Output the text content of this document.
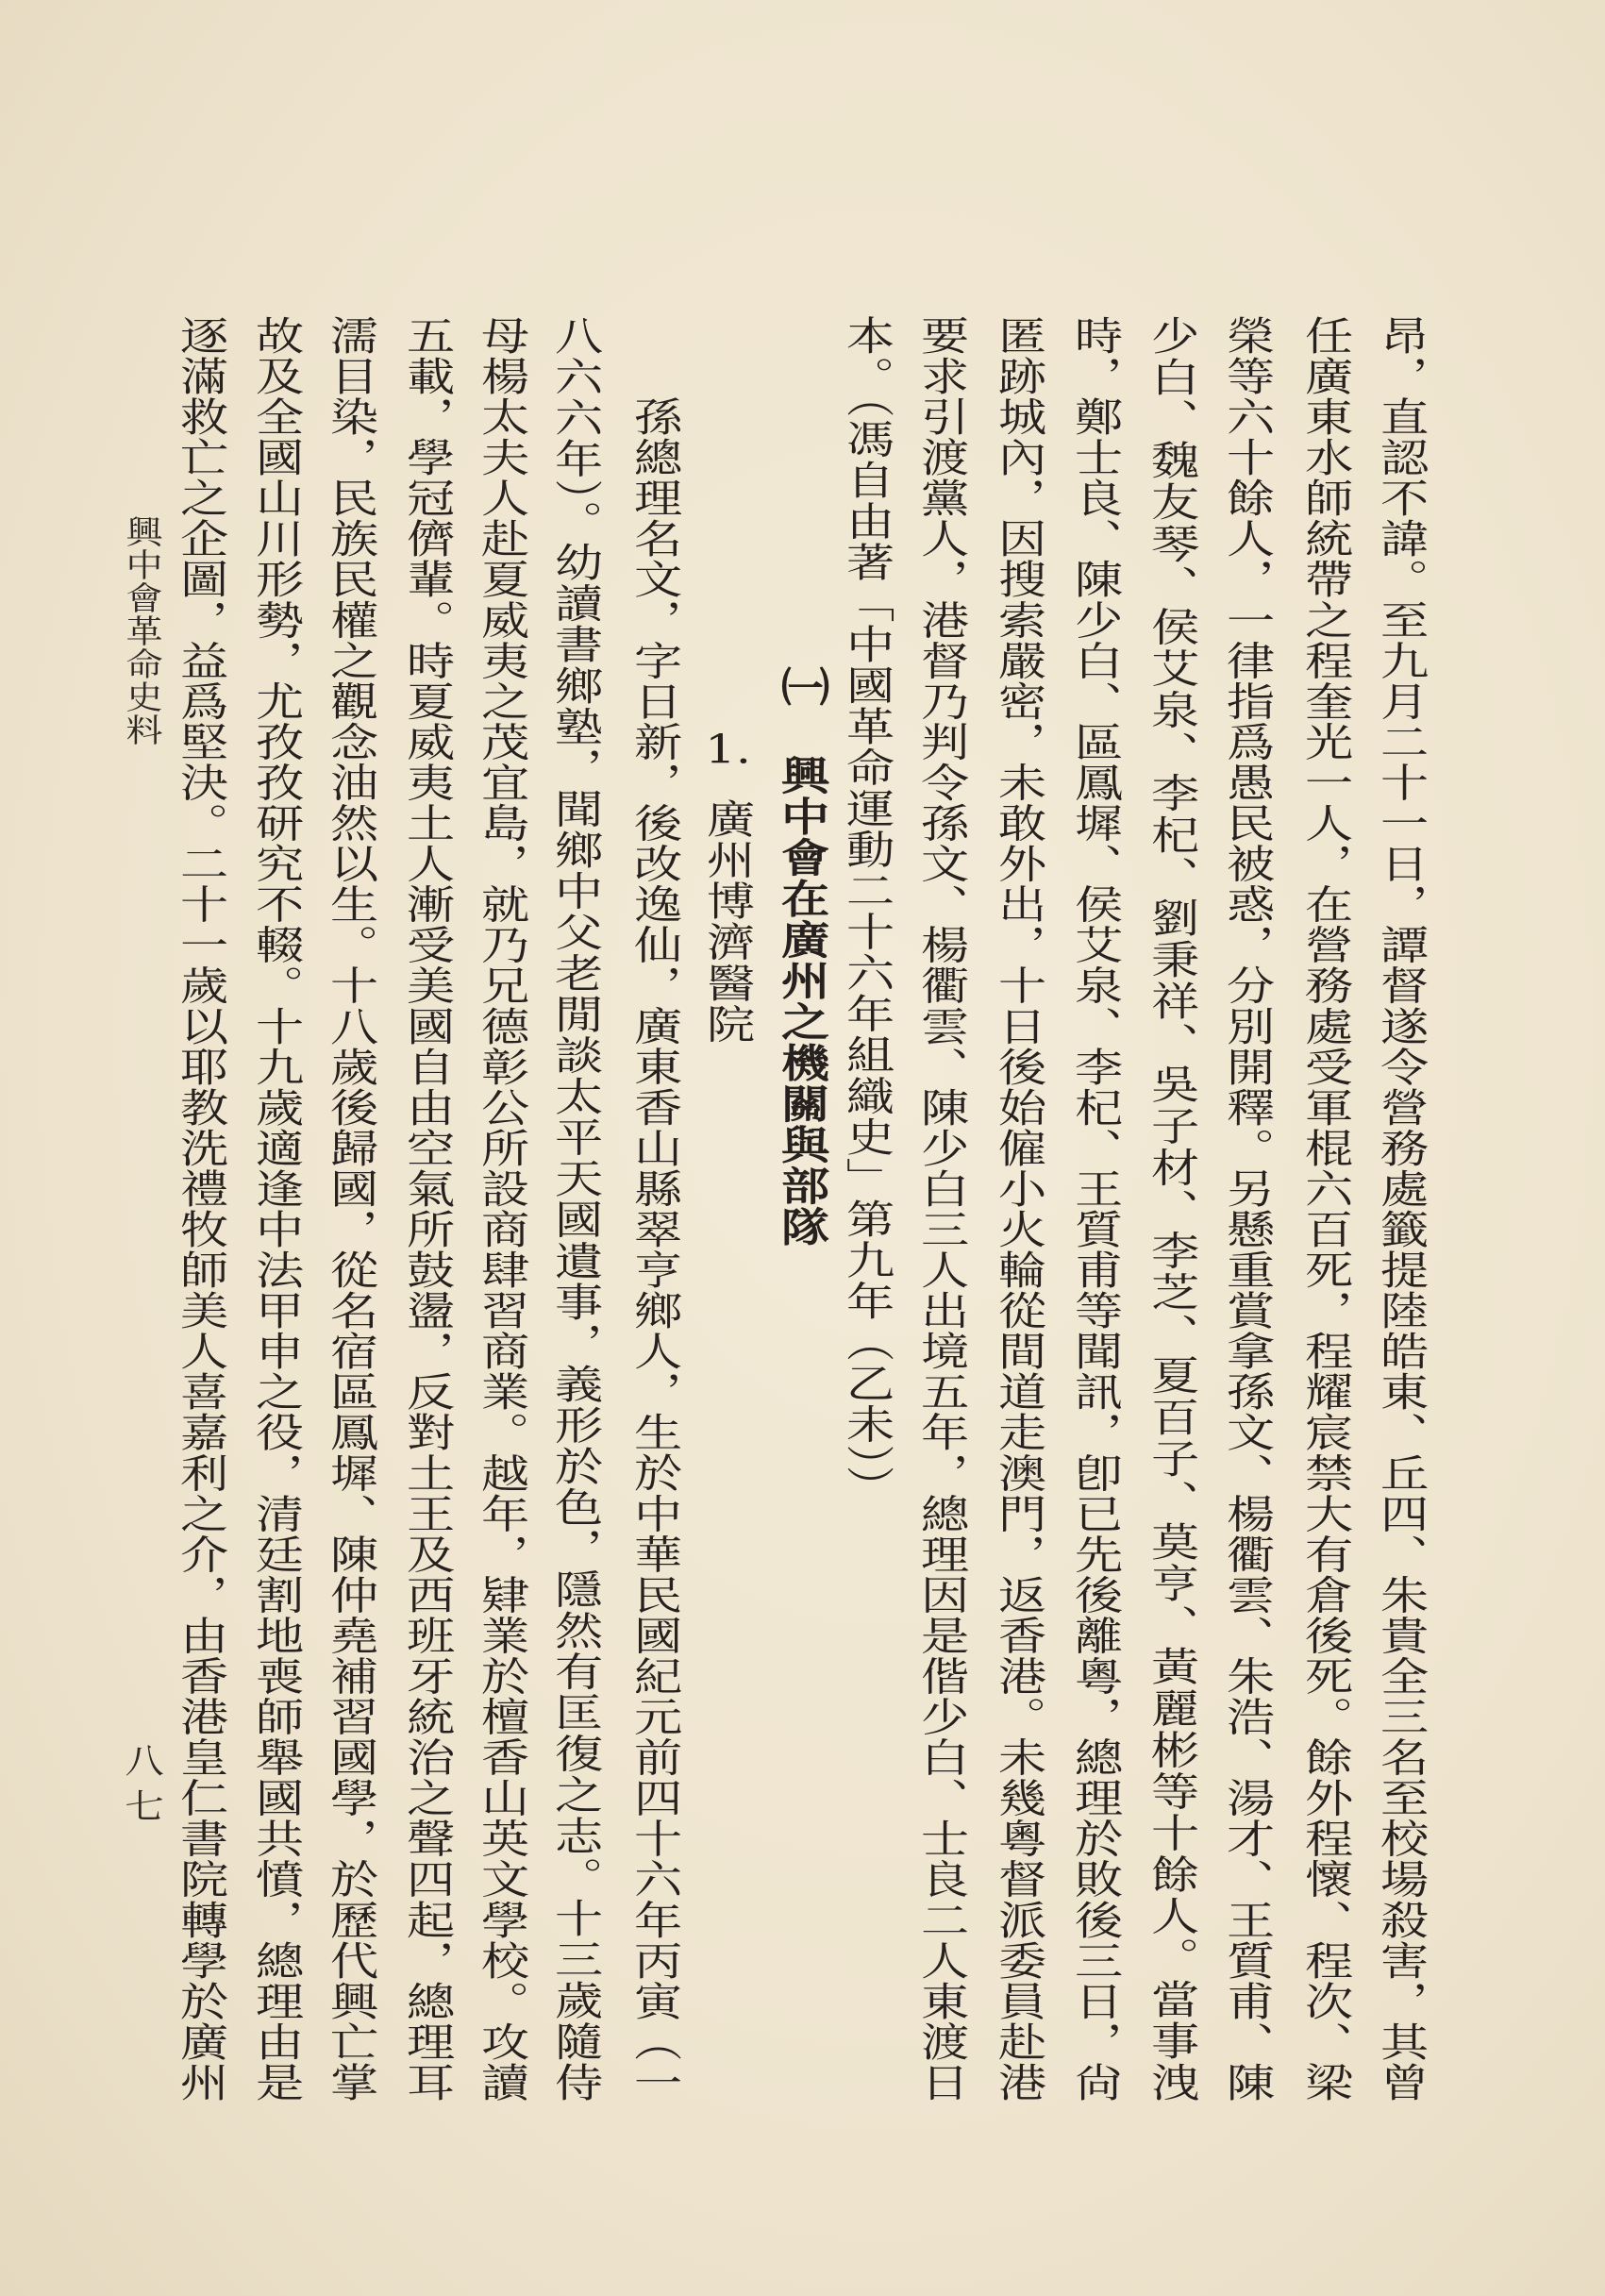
昂，直認不諱。至九月二十一日，譚督遂令營務處籤提陸皓東、丘四、朱貴全三名至校場殺害，其曾
任廣東水師統帶之程奎光一人，在營務處受軍棍六百死，程耀宸禁大有倉後死。餘外程懷、程次、梁
榮等六十餘人，一律指爲愚民被惑，分別開釋。另懸重賞拿孫文、楊衢雲、朱浩、湯才、王質甫、陳
少白、魏友琴、侯艾泉、李杞、劉秉祥、吳子材、李芝、夏百子、莫亨、黃麗彬等十餘人。當事洩
時，鄭士良、陳少白、區鳳墀、侯艾泉、李杞、王質甫等聞訊，卽已先後離粵，總理於敗後三日，尙
匿跡城內，因搜索嚴密，未敢外出，十日後始僱小火輪從間道走澳門，返香港。未幾粵督派委員赴港
要求引渡黨人，港督乃判令孫文、楊衢雲、陳少白三人出境五年，總理因是偕少白、士良二人東渡日
本。（馮自由著「中國革命運動二十六年組織史」第九年（乙未））
㈠
興中會在廣州之機關與部隊
1.
廣州博濟醫院
孫總理名文，字日新，後改逸仙，廣東香山縣翠亨鄉人，生於中華民國紀元前四十六年丙寅（一
八六六年）。幼讀書鄉塾，聞鄉中父老閒談太平天國遺事，義形於色，隱然有匡復之志。十三歲隨侍
母楊太夫人赴夏威夷之茂宜島，就乃兄德彰公所設商肆習商業。越年，肄業於檀香山英文學校。攻讀
五載，學冠儕輩。時夏威夷土人漸受美國自由空氣所鼓盪，反對土王及西班牙統治之聲四起，總理耳
濡目染，民族民權之觀念油然以生。十八歲後歸國，從名宿區鳳墀、陳仲堯補習國學，於歷代興亡掌
故及全國山川形勢，尤孜孜研究不輟。十九歲適逢中法甲申之役，清廷割地喪師舉國共憤，總理由是
逐滿救亡之企圖，益爲堅決。二十一歲以耶教洗禮牧師美人喜嘉利之介，由香港皇仁書院轉學於廣州
興中會革命史料
八七
